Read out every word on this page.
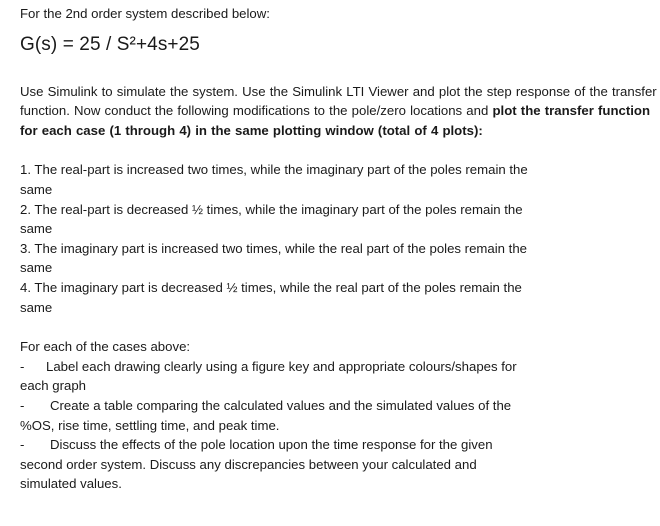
For the 2nd order system described below:

G(s) = 25 / S²+4s+25

Use Simulink to simulate the system. Use the Simulink LTI Viewer and plot the step response of the transfer function. Now conduct the following modifications to the pole/zero locations and plot the transfer function for each case (1 through 4) in the same plotting window (total of 4 plots):

1. The real-part is increased two times, while the imaginary part of the poles remain the

same

2. The real-part is decreased ½ times, while the imaginary part of the poles remain the

same

3. The imaginary part is increased two times, while the real part of the poles remain the

same

4. The imaginary part is decreased ½ times, while the real part of the poles remain the

same

For each of the cases above:

- Label each drawing clearly using a figure key and appropriate colours/shapes for

each graph

- Create a table comparing the calculated values and the simulated values of the

%OS, rise time, settling time, and peak time.

- Discuss the effects of the pole location upon the time response for the given

second order system. Discuss any discrepancies between your calculated and

simulated values.
